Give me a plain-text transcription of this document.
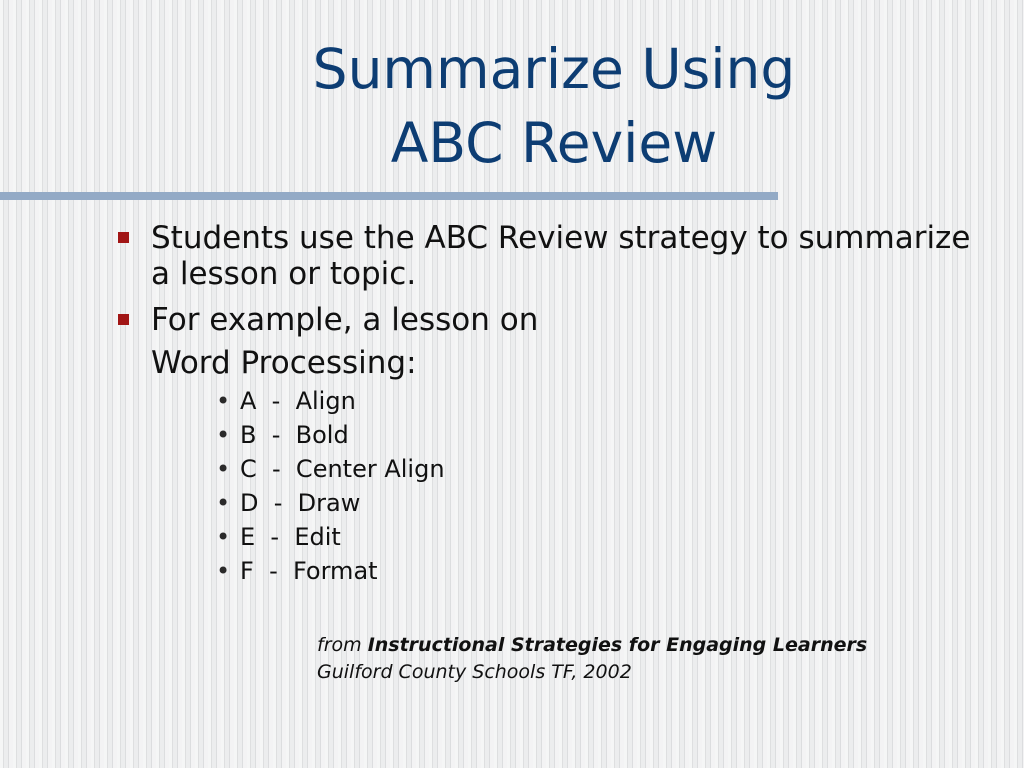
Summarize Using
ABC Review
Students use the ABC Review strategy to summarize a lesson or topic.
For example, a lesson on
Word Processing:
• A  -  Align
• B  -  Bold
• C  -  Center Align
• D  -  Draw
• E  -  Edit
• F  -  Format
from Instructional Strategies for Engaging Learners
Guilford County Schools TF, 2002
